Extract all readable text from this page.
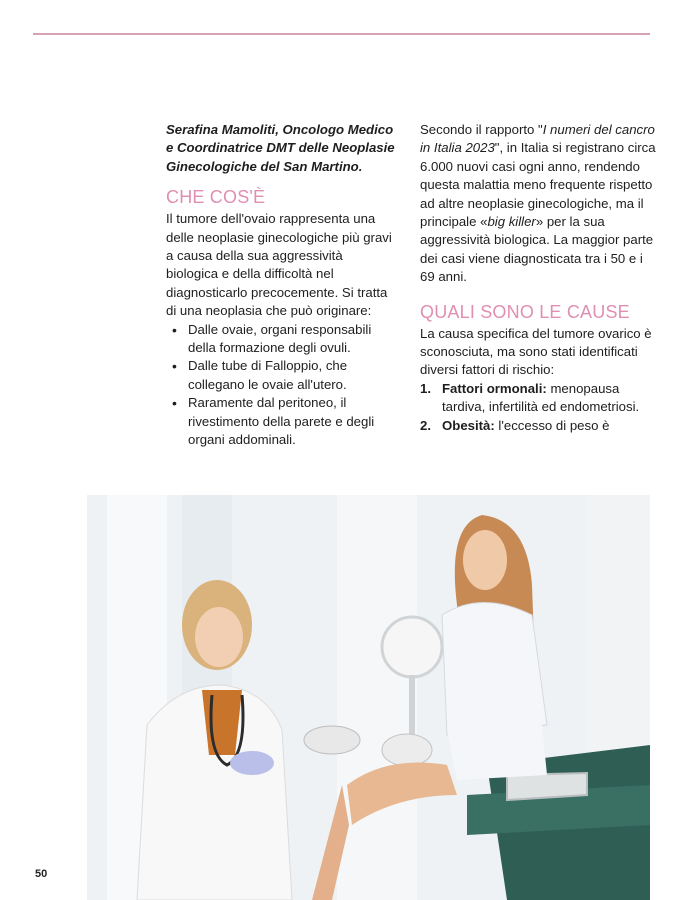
Serafina Mamoliti, Oncologo Medico e Coordinatrice DMT delle Neoplasie Ginecologiche del San Martino.

CHE COS'È

Il tumore dell'ovaio rappresenta una delle neoplasie ginecologiche più gravi a causa della sua aggressività biologica e della difficoltà nel diagnosticarlo precocemente. Si tratta di una neoplasia che può originare:

• Dalle ovaie, organi responsabili della formazione degli ovuli.
• Dalle tube di Falloppio, che collegano le ovaie all'utero.
• Raramente dal peritoneo, il rivestimento della parete e degli organi addominali.

Secondo il rapporto "I numeri del cancro in Italia 2023", in Italia si registrano circa 6.000 nuovi casi ogni anno, rendendo questa malattia meno frequente rispetto ad altre neoplasie ginecologiche, ma il principale «big killer» per la sua aggressività biologica. La maggior parte dei casi viene diagnosticata tra i 50 e i 69 anni.

QUALI SONO LE CAUSE

La causa specifica del tumore ovarico è sconosciuta, ma sono stati identificati diversi fattori di rischio:

1. Fattori ormonali: menopausa tardiva, infertilità ed endometriosi.
2. Obesità: l'eccesso di peso è
50
